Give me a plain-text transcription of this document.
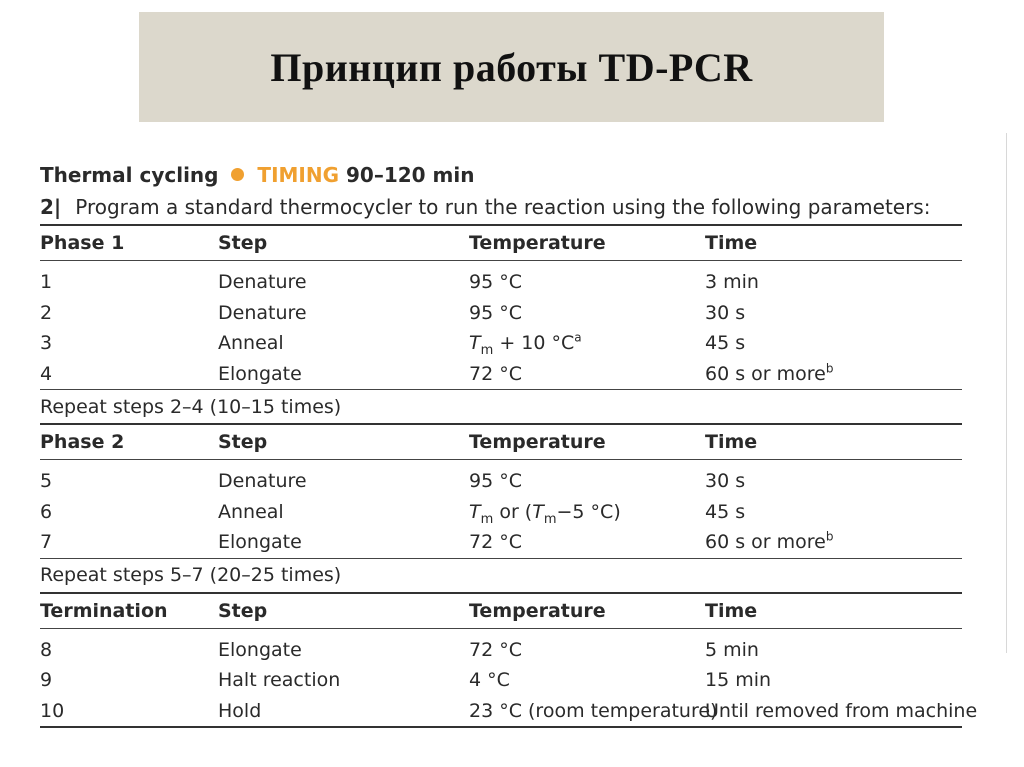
Принцип работы TD-PCR
Thermal cycling TIMING 90–120 min
2| Program a standard thermocycler to run the reaction using the following parameters:
Phase 1	Step	Temperature	Time

1	Denature	95 °C	3 min
2	Denature	95 °C	30 s
3	Anneal	$T_m + 10$ $^\circ C^a$	45 s
4	Elongate	72 °C	60 s or more$^b$
Repeat steps 2–4 (10–15 times)			
Phase 2	Step	Temperature	Time

5	Denature	95 °C	30 s
6	Anneal	$T_m$ or ($T_m-5$ °C)	45 s
7	Elongate	72 °C	60 s or more$^b$
Repeat steps 5–7 (20–25 times)			
Termination	Step	Temperature	Time

8	Elongate	72 °C	5 min
9	Halt reaction	4 °C	15 min
10	Hold	23 °C (room temperature)	Until removed from machine
